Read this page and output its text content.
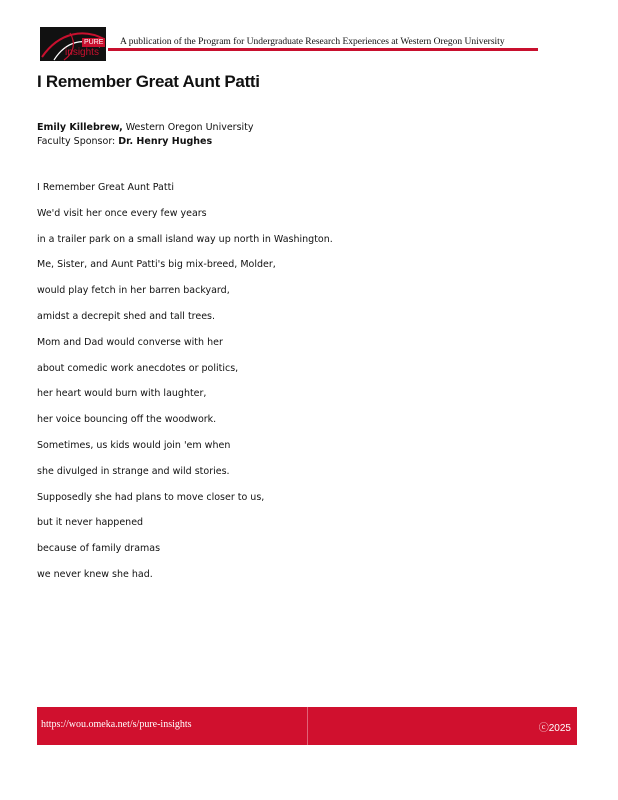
PURE
insights
A publication of the Program for Undergraduate Research Experiences at Western Oregon University
I Remember Great Aunt Patti
Emily Killebrew, Western Oregon University
Faculty Sponsor: Dr. Henry Hughes
I Remember Great Aunt Patti
We'd visit her once every few years
in a trailer park on a small island way up north in Washington.
Me, Sister, and Aunt Patti's big mix-breed, Molder,
would play fetch in her barren backyard,
amidst a decrepit shed and tall trees.
Mom and Dad would converse with her
about comedic work anecdotes or politics,
her heart would burn with laughter,
her voice bouncing off the woodwork.
Sometimes, us kids would join 'em when
she divulged in strange and wild stories.
Supposedly she had plans to move closer to us,
but it never happened
because of family dramas
we never knew she had.
https://wou.omeka.net/s/pure-insights	ⓒ2025
